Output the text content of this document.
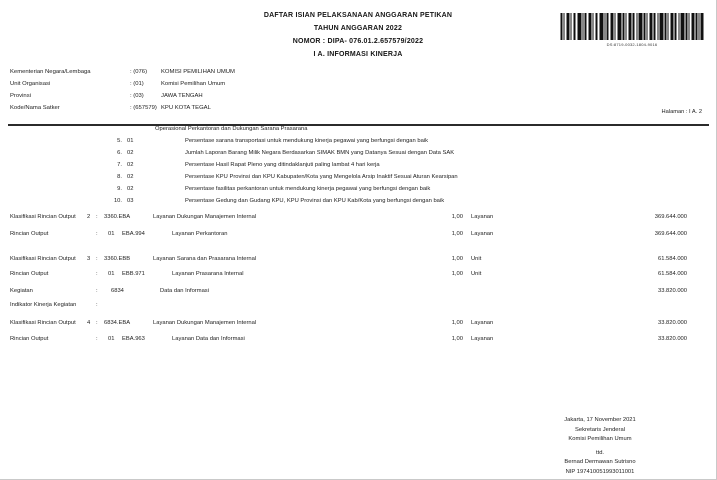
DAFTAR ISIAN PELAKSANAAN ANGGARAN PETIKAN
TAHUN ANGGARAN 2022
NOMOR : DIPA- 076.01.2.657579/2022
I A. INFORMASI KINERJA
DS:8719-0032-1804-9016
Kementerian Negara/Lembaga	: (076) KOMISI PEMILIHAN UMUM
Unit Organisasi	: (01)	Komisi Pemilihan Umum
Provinsi	: (03)	JAWA TENGAH
Kode/Nama Satker	: (657579) KPU KOTA TEGAL
Halaman : I A. 2
Operasional Perkantoran dan Dukungan Sarana Prasarana
5. 01	Persentase sarana transportasi untuk mendukung kinerja pegawai yang berfungsi dengan baik
6. 02	Jumlah Laporan Barang Milik Negara Berdasarkan SIMAK BMN yang Datanya Sesuai dengan Data SAK
7. 02	Persentase Hasil Rapat Pleno yang ditindaklanjuti paling lambat 4 hari kerja
8. 02	Persentase KPU Provinsi dan KPU Kabupaten/Kota yang Mengelola Arsip Inaktif Sesuai Aturan Kearsipan
9. 02	Persentase fasilitas perkantoran untuk mendukung kinerja pegawai yang berfungsi dengan baik
10. 03	Persentase Gedung dan Gudang KPU, KPU Provinsi dan KPU Kab/Kota yang berfungsi dengan baik
Klasifikasi Rincian Output 2 : 3360.EBA	Layanan Dukungan Manajemen Internal	1,00 Layanan	369.644.000
Rincian Output	: 01 EBA.994	Layanan Perkantoran	1,00 Layanan	369.644.000
Klasifikasi Rincian Output 3 : 3360.EBB	Layanan Sarana dan Prasarana Internal	1,00 Unit	61.584.000
Rincian Output	: 01 EBB.971	Layanan Prasarana Internal	1,00 Unit	61.584.000
Kegiatan	: 6834	Data dan Informasi	33.820.000
Indikator Kinerja Kegiatan	:
Klasifikasi Rincian Output 4 : 6834.EBA	Layanan Dukungan Manajemen Internal	1,00 Layanan	33.820.000
Rincian Output	: 01 EBA.963	Layanan Data dan Informasi	1,00 Layanan	33.820.000
Jakarta, 17 November 2021
Sekretaris Jenderal
Komisi Pemilihan Umum
ttd.
Bernad Dermawan Sutrisno
NIP 197410051993011001
